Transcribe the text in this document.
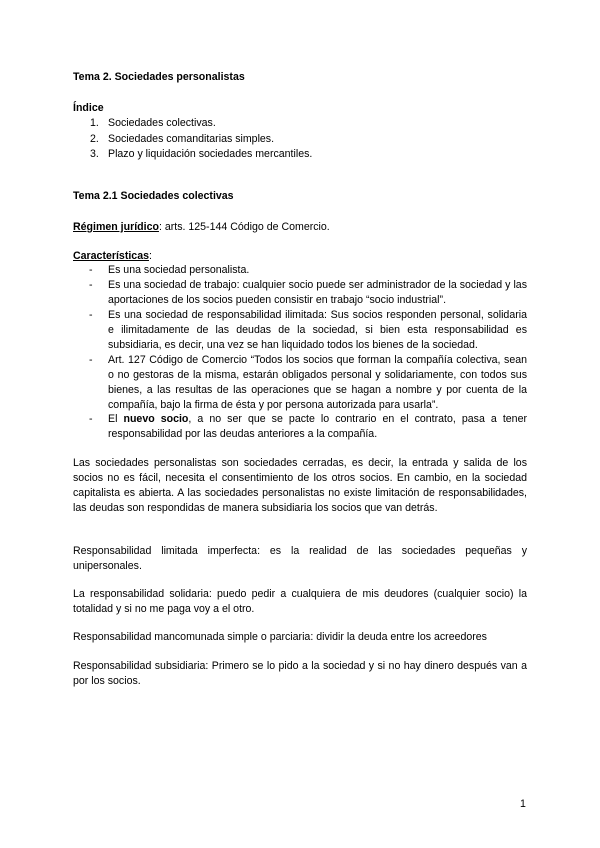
Tema 2. Sociedades personalistas
Índice
1. Sociedades colectivas.
2. Sociedades comanditarias simples.
3. Plazo y liquidación sociedades mercantiles.
Tema 2.1 Sociedades colectivas
Régimen jurídico: arts. 125-144 Código de Comercio.
Características:
- Es una sociedad personalista.
- Es una sociedad de trabajo: cualquier socio puede ser administrador de la sociedad y las aportaciones de los socios pueden consistir en trabajo “socio industrial”.
- Es una sociedad de responsabilidad ilimitada: Sus socios responden personal, solidaria e ilimitadamente de las deudas de la sociedad, si bien esta responsabilidad es subsidiaria, es decir, una vez se han liquidado todos los bienes de la sociedad.
- Art. 127 Código de Comercio “Todos los socios que forman la compañía colectiva, sean o no gestoras de la misma, estarán obligados personal y solidariamente, con todos sus bienes, a las resultas de las operaciones que se hagan a nombre y por cuenta de la compañía, bajo la firma de ésta y por persona autorizada para usarla”.
- El nuevo socio, a no ser que se pacte lo contrario en el contrato, pasa a tener responsabilidad por las deudas anteriores a la compañía.
Las sociedades personalistas son sociedades cerradas, es decir, la entrada y salida de los socios no es fácil, necesita el consentimiento de los otros socios. En cambio, en la sociedad capitalista es abierta. A las sociedades personalistas no existe limitación de responsabilidades, las deudas son respondidas de manera subsidiaria los socios que van detrás.
Responsabilidad limitada imperfecta: es la realidad de las sociedades pequeñas y unipersonales.
La responsabilidad solidaria: puedo pedir a cualquiera de mis deudores (cualquier socio) la totalidad y si no me paga voy a el otro.
Responsabilidad mancomunada simple o parciaria: dividir la deuda entre los acreedores
Responsabilidad subsidiaria: Primero se lo pido a la sociedad y si no hay dinero después van a por los socios.
1
